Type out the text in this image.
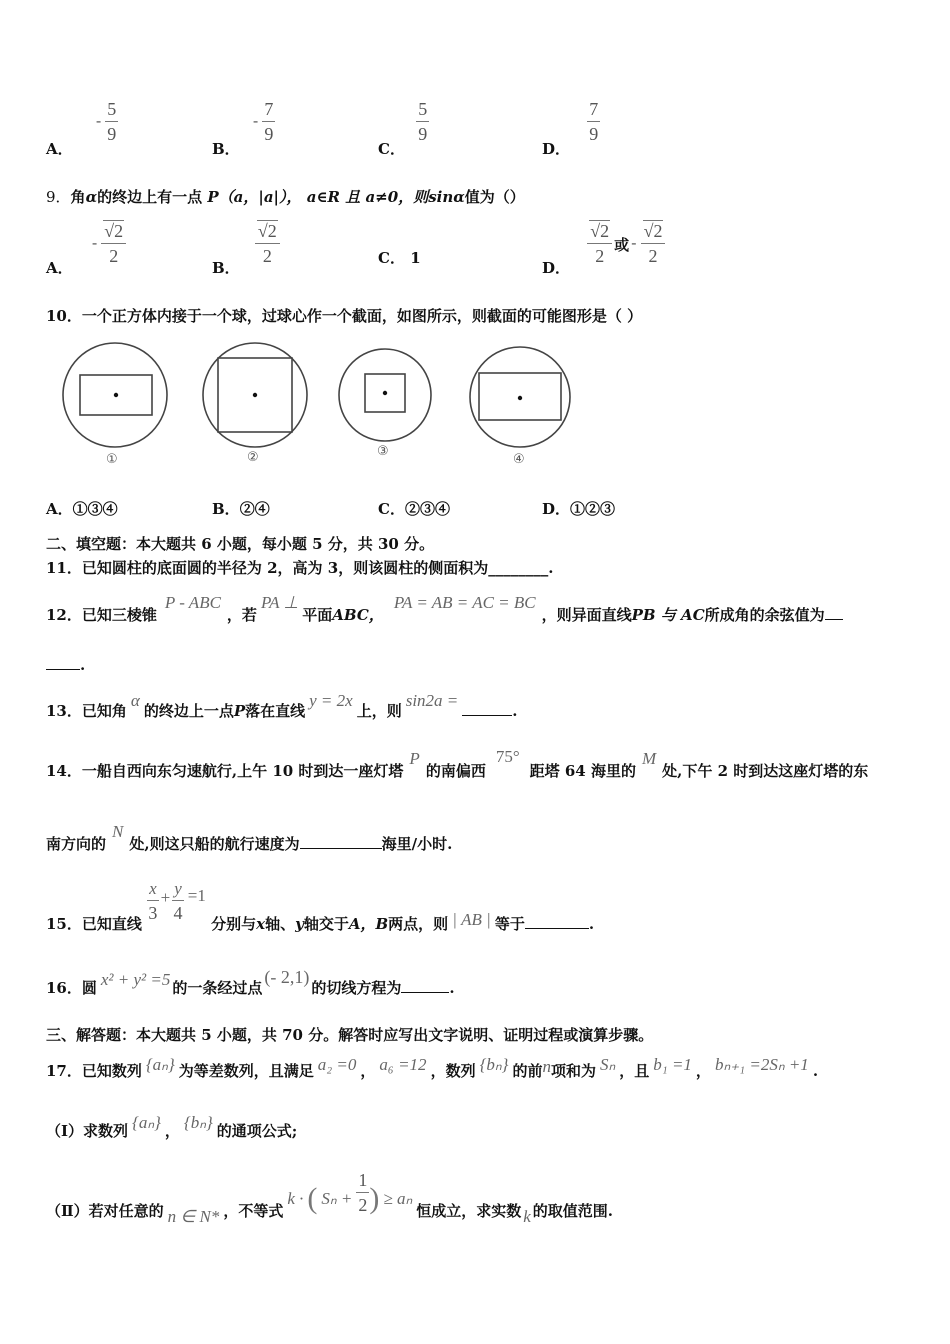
A． - $\frac{5}{9}$
B． - $\frac{7}{9}$
C．
$\frac{5}{9}$
D．
$\frac{7}{9}$
9．角α的终边上有一点 P（a，|a|）， a∈R 且 a≠0，则sinα值为（）
A． - $\frac{√2}{2}$
B．
$\frac{√2}{2}$	C． 1
D．
$\frac{√2}{2}$ 或 - $\frac{√2}{2}$
10．一个正方体内接于一个球，过球心作一个截面，如图所示，则截面的可能图形是（ ）
①	②	③
④
A．①③④	B．②④	C．②③④	D．①②③
二、填空题：本大题共 6 小题，每小题 5 分，共 30 分。
11．已知圆柱的底面圆的半径为 2，高为 3，则该圆柱的侧面积为________.
12．已知三棱锥P - ABC，若PA ⊥平面ABC，PA = AB = AC = BC，则异面直线PB 与 AC所成角的余弦值为
.
13．已知角α的终边上一点P落在直线y = 2x上，则sin2a =.
14．一船自西向东匀速航行,上午 10 时到达一座灯塔P的南偏西75°距塔 64 海里的M处,下午 2 时到达这座灯塔的东
南方向的N处,则这只船的航行速度为	海里/小时.
15．已知直线
$\frac{x}{3} + \frac{y}{4} =1$ 分别与x轴、y轴交于A，B两点，则 | AB | 等于	.
16．圆 x² + y² =5 的一条经过点(- 2,1)的切线方程为	.
三、解答题：本大题共 5 小题，共 70 分。解答时应写出文字说明、证明过程或演算步骤。
17．已知数列 {aₙ} 为等差数列，且满足 a₂ =0 ， a₆ =12 ，数列 {bₙ} 的前n项和为 Sₙ ，且 b₁ =1 ， bₙ₊₁ =2Sₙ +1 .
（Ⅰ）求数列 {aₙ} ， {bₙ} 的通项公式;
（Ⅱ）若对任意的 n ∈ N* ，不等式k · ( $S_n + \frac{1}{2}$ ) ≥ aₙ恒成立，求实数 k 的取值范围.
